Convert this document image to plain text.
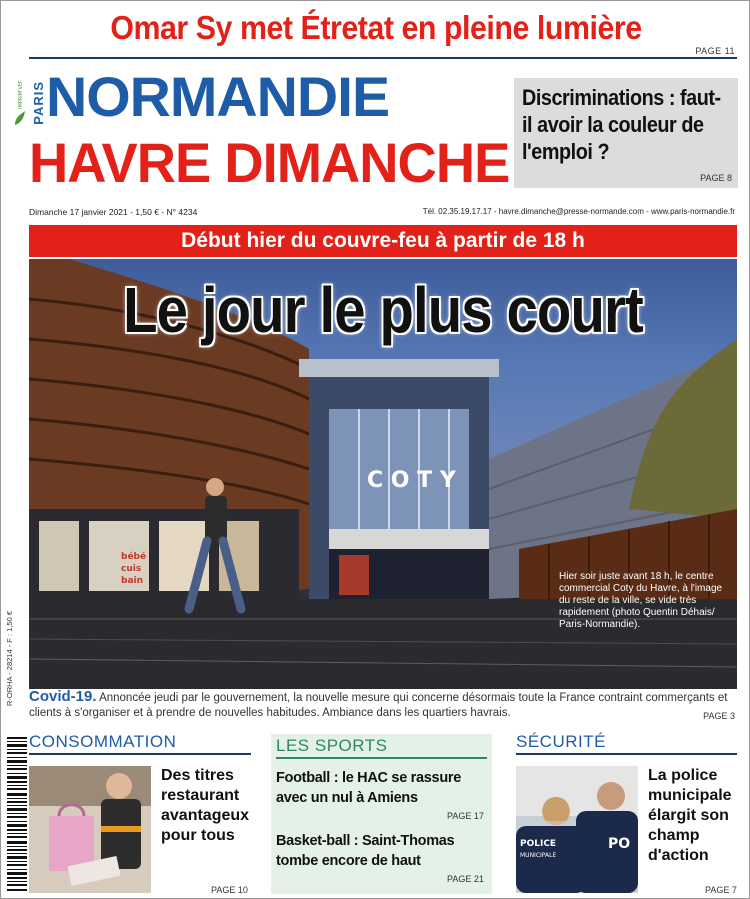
Omar Sy met Étretat en pleine lumière
PAGE 11
IMPRIM'VERT PARIS NORMANDIE
HAVRE DIMANCHE
Discriminations : faut-il avoir la couleur de l'emploi ?
PAGE 8
Dimanche 17 janvier 2021 - 1,50 € - N° 4234	Tél. 02.35.19.17.17 - havre.dimanche@presse-normande.com - www.paris-normandie.fr
Début hier du couvre-feu à partir de 18 h
bébé
cuis
bain
C O T Y
Le jour le plus court
Hier soir juste avant 18 h, le centre commercial Coty du Havre, à l'image du reste de la ville, se vide très rapidement (photo Quentin Déhais/ Paris-Normandie).
R-ORHA - 28214 - F : 1,50 € Covid-19. Annoncée jeudi par le gouvernement, la nouvelle mesure qui concerne désormais toute la France contraint commerçants et clients à s'organiser et à prendre de nouvelles habitudes. Ambiance dans les quartiers havrais.	PAGE 3
CONSOMMATION
Des titres restaurant avantageux pour tous
PAGE 10
LES SPORTS
Football : le HAC se rassure avec un nul à Amiens
PAGE 17
Basket-ball : Saint-Thomas tombe encore de haut
PAGE 21
SÉCURITÉ
POLICE
MUNICIPALE
PO
La police municipale élargit son champ d'action
PAGE 7
